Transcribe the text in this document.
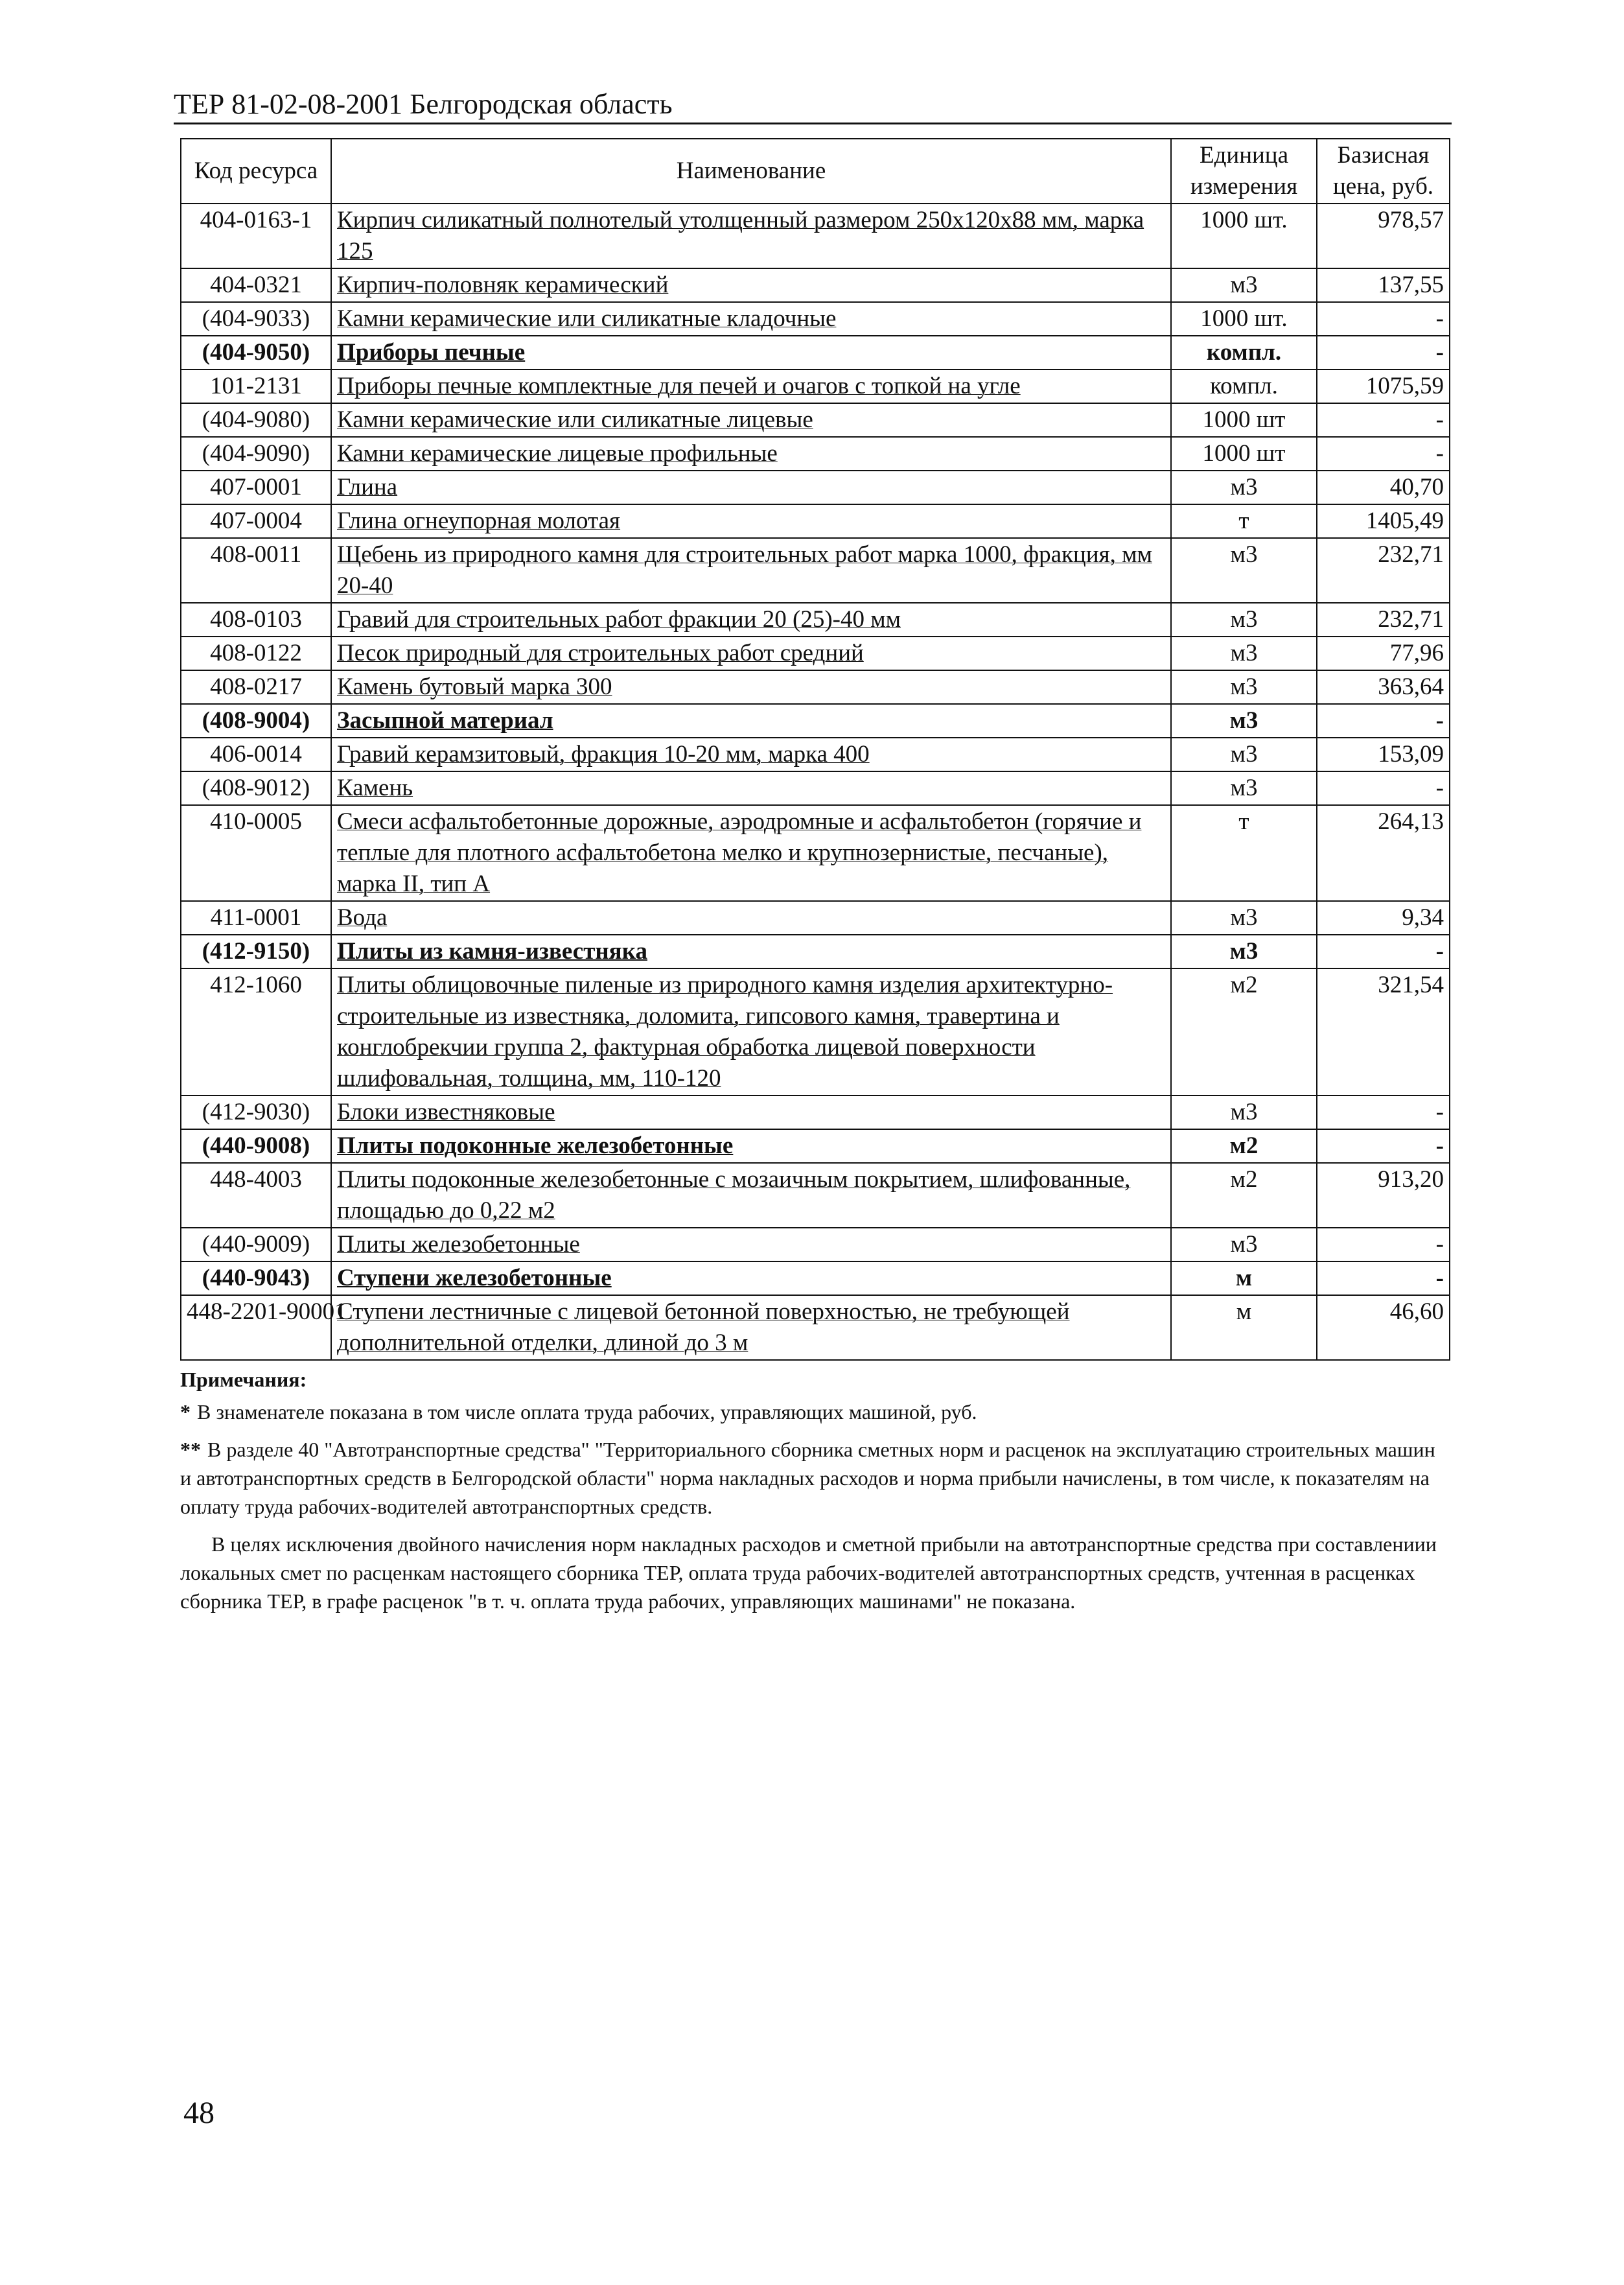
ТЕР 81-02-08-2001 Белгородская область
Код ресурса	Наименование	Единица измерения	Базисная цена, руб.
404-0163-1	Кирпич силикатный полнотелый утолщенный размером 250х120х88 мм, марка 125	1000 шт.	978,57
404-0321	Кирпич-половняк керамический	м3	137,55
(404-9033)	Камни керамические или силикатные кладочные	1000 шт.	-
(404-9050)	Приборы печные	компл.	-
101-2131	Приборы печные комплектные для печей и очагов с топкой на угле	компл.	1075,59
(404-9080)	Камни керамические или силикатные лицевые	1000 шт	-
(404-9090)	Камни керамические лицевые профильные	1000 шт	-
407-0001	Глина	м3	40,70
407-0004	Глина огнеупорная молотая	т	1405,49
408-0011	Щебень из природного камня для строительных работ марка 1000, фракция, мм 20-40	м3	232,71
408-0103	Гравий для строительных работ фракции 20 (25)-40 мм	м3	232,71
408-0122	Песок природный для строительных работ средний	м3	77,96
408-0217	Камень бутовый марка 300	м3	363,64
(408-9004)	Засыпной материал	м3	-
406-0014	Гравий керамзитовый, фракция 10-20 мм, марка 400	м3	153,09
(408-9012)	Камень	м3	-
410-0005	Смеси асфальтобетонные дорожные, аэродромные и асфальтобетон (горячие и теплые для плотного асфальтобетона мелко и крупнозернистые, песчаные), марка II, тип А	т	264,13
411-0001	Вода	м3	9,34
(412-9150)	Плиты из камня-известняка	м3	-
412-1060	Плиты облицовочные пиленые из природного камня изделия архитектурно-строительные из известняка, доломита, гипсового камня, травертина и конглобрекчии группа 2, фактурная обработка лицевой поверхности шлифовальная, толщина, мм, 110-120	м2	321,54
(412-9030)	Блоки известняковые	м3	-
(440-9008)	Плиты подоконные железобетонные	м2	-
448-4003	Плиты подоконные железобетонные с мозаичным покрытием, шлифованные, площадью до 0,22 м2	м2	913,20
(440-9009)	Плиты железобетонные	м3	-
(440-9043)	Ступени железобетонные	м	-
448-2201-90001	Ступени лестничные с лицевой бетонной поверхностью, не требующей дополнительной отделки, длиной до 3 м	м	46,60
Примечания:

* В знаменателе показана в том числе оплата труда рабочих, управляющих машиной, руб.

** В разделе 40 "Автотранспортные средства" "Территориального сборника сметных норм и расценок на эксплуатацию строительных машин и автотранспортных средств в Белгородской области" норма накладных расходов и норма прибыли начислены, в том числе, к показателям на оплату труда рабочих-водителей автотранспортных средств.

В целях исключения двойного начисления норм накладных расходов и сметной прибыли на автотранспортные средства при составлениии локальных смет по расценкам настоящего сборника ТЕР, оплата труда рабочих-водителей автотранспортных средств, учтенная в расценках сборника ТЕР, в графе расценок "в т. ч. оплата труда рабочих, управляющих машинами" не показана.

48
